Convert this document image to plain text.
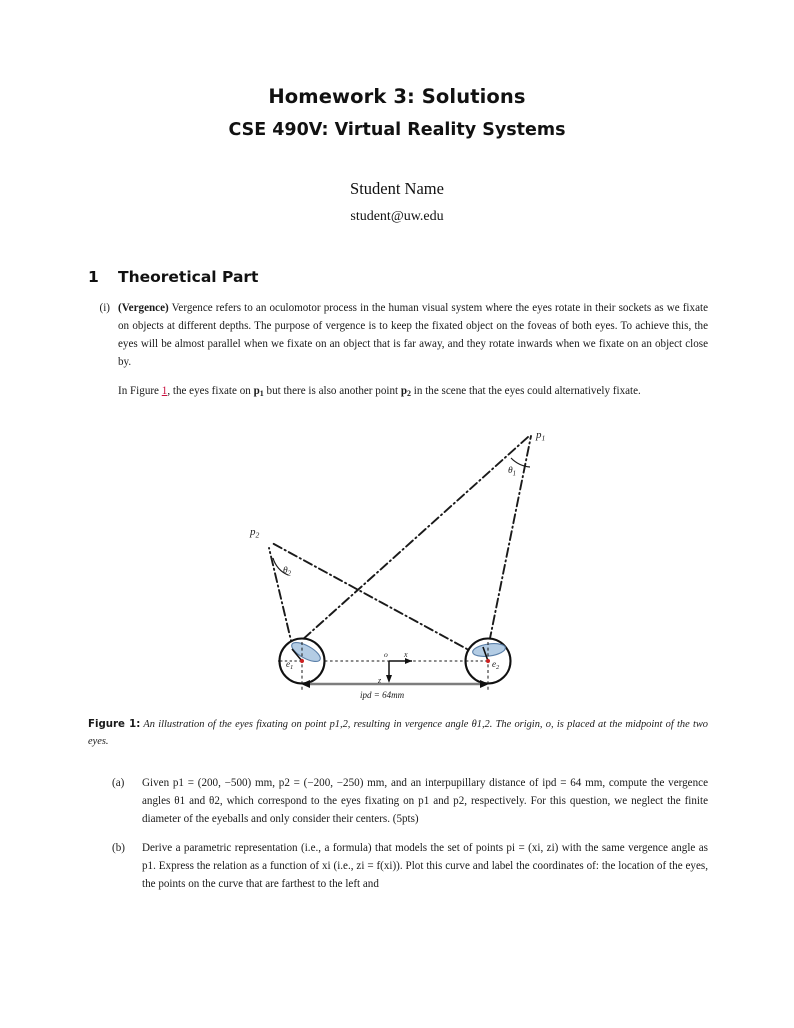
Homework 3: Solutions
CSE 490V: Virtual Reality Systems

Student Name

student@uw.edu

1 Theoretical Part
(i) (Vergence) Vergence refers to an oculomotor process in the human visual system where the eyes rotate in their sockets as we fixate on objects at different depths. The purpose of vergence is to keep the fixated object on the foveas of both eyes. To achieve this, the eyes will be almost parallel when we fixate on an object that is far away, and they rotate inwards when we fixate on an object close by.

In Figure 1, the eyes fixate on $p_1$ but there is also another point $p_2$ in the scene that the eyes could alternatively fixate.

$p_1$
$p_2$
$\theta_1$
$\theta_2$
$e_1$	$e_2$
o x
z
ipd = 64mm
Figure 1: An illustration of the eyes fixating on point p1,2, resulting in vergence angle θ1,2. The origin, o, is placed at the midpoint of the two eyes.
(a)	Given p1 = (200, −500) mm, p2 = (−200, −250) mm, and an interpupillary distance of ipd = 64 mm, compute the vergence angles θ1 and θ2, which correspond to the eyes fixating on p1 and p2, respectively. For this question, we neglect the finite diameter of the eyeballs and only consider their centers. (5pts)
(b)	Derive a parametric representation (i.e., a formula) that models the set of points pi = (xi, zi) with the same vergence angle as p1. Express the relation as a function of xi (i.e., zi = f(xi)). Plot this curve and label the coordinates of: the location of the eyes, the points on the curve that are farthest to the left and
